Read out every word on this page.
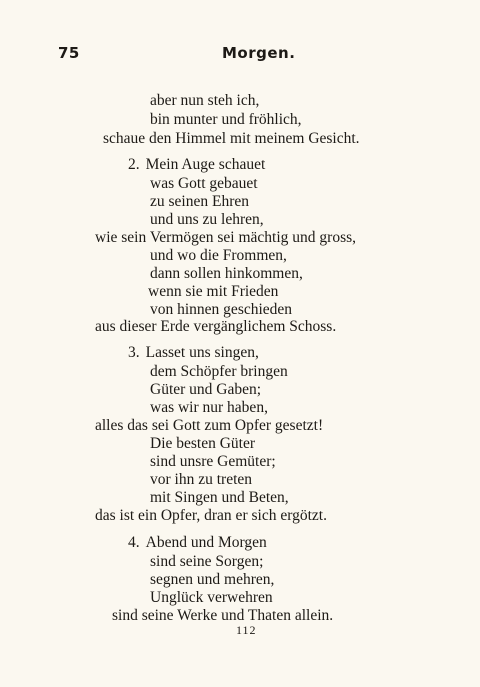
75	Morgen.
aber nun steh ich,
bin munter und fröhlich,
schaue den Himmel mit meinem Gesicht.
2. Mein Auge schauet
was Gott gebauet
zu seinen Ehren
und uns zu lehren,
wie sein Vermögen sei mächtig und gross,
und wo die Frommen,
dann sollen hinkommen,
wenn sie mit Frieden
von hinnen geschieden
aus dieser Erde vergänglichem Schoss.
3. Lasset uns singen,
dem Schöpfer bringen
Güter und Gaben;
was wir nur haben,
alles das sei Gott zum Opfer gesetzt!
Die besten Güter
sind unsre Gemüter;
vor ihn zu treten
mit Singen und Beten,
das ist ein Opfer, dran er sich ergötzt.
4. Abend und Morgen
sind seine Sorgen;
segnen und mehren,
Unglück verwehren
sind seine Werke und Thaten allein.
112
